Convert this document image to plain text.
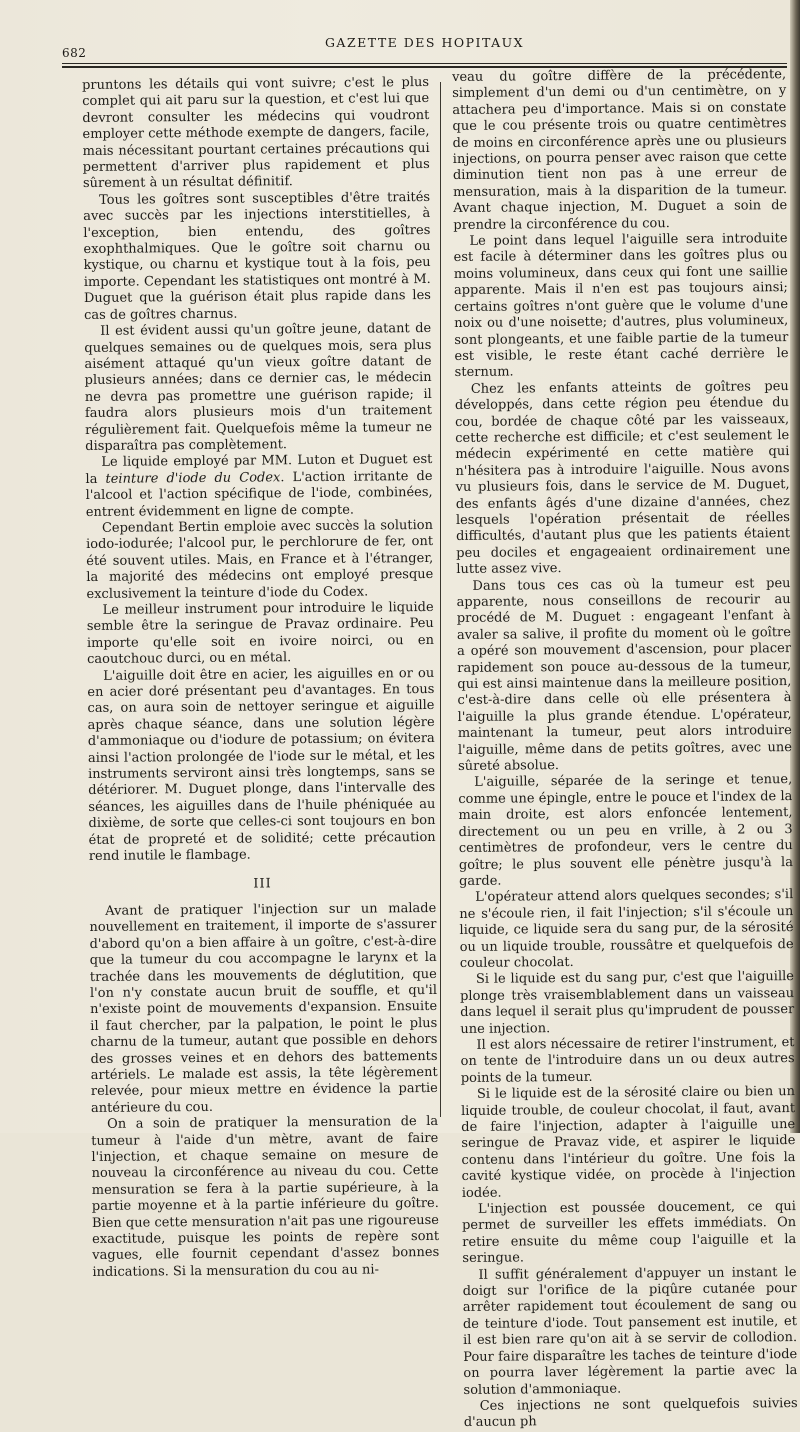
682
GAZETTE DES HOPITAUX

pruntons les détails qui vont suivre; c'est le plus complet qui ait paru sur la question, et c'est lui que devront consulter les médecins qui voudront employer cette méthode exempte de dangers, facile, mais nécessitant pourtant certaines précautions qui permettent d'arriver plus rapidement et plus sûrement à un résultat définitif.

Tous les goîtres sont susceptibles d'être traités avec succès par les injections interstitielles, à l'exception, bien entendu, des goîtres exophthalmiques. Que le goître soit charnu ou kystique, ou charnu et kystique tout à la fois, peu importe. Cependant les statistiques ont montré à M. Duguet que la guérison était plus rapide dans les cas de goîtres charnus.

Il est évident aussi qu'un goître jeune, datant de quelques semaines ou de quelques mois, sera plus aisément attaqué qu'un vieux goître datant de plusieurs années; dans ce dernier cas, le médecin ne devra pas promettre une guérison rapide; il faudra alors plusieurs mois d'un traitement régulièrement fait. Quelquefois même la tumeur ne disparaîtra pas complètement.

Le liquide employé par MM. Luton et Duguet est la teinture d'iode du Codex. L'action irritante de l'alcool et l'action spécifique de l'iode, combinées, entrent évidemment en ligne de compte.

Cependant Bertin emploie avec succès la solution iodo-iodurée; l'alcool pur, le perchlorure de fer, ont été souvent utiles. Mais, en France et à l'étranger, la majorité des médecins ont employé presque exclusivement la teinture d'iode du Codex.

Le meilleur instrument pour introduire le liquide semble être la seringue de Pravaz ordinaire. Peu importe qu'elle soit en ivoire noirci, ou en caoutchouc durci, ou en métal.

L'aiguille doit être en acier, les aiguilles en or ou en acier doré présentant peu d'avantages. En tous cas, on aura soin de nettoyer seringue et aiguille après chaque séance, dans une solution légère d'ammoniaque ou d'iodure de potassium; on évitera ainsi l'action prolongée de l'iode sur le métal, et les instruments serviront ainsi très longtemps, sans se détériorer. M. Duguet plonge, dans l'intervalle des séances, les aiguilles dans de l'huile phéniquée au dixième, de sorte que celles-ci sont toujours en bon état de propreté et de solidité; cette précaution rend inutile le flambage.

III

Avant de pratiquer l'injection sur un malade nouvellement en traitement, il importe de s'assurer d'abord qu'on a bien affaire à un goître, c'est-à-dire que la tumeur du cou accompagne le larynx et la trachée dans les mouvements de déglutition, que l'on n'y constate aucun bruit de souffle, et qu'il n'existe point de mouvements d'expansion. Ensuite il faut chercher, par la palpation, le point le plus charnu de la tumeur, autant que possible en dehors des grosses veines et en dehors des battements artériels. Le malade est assis, la tête légèrement relevée, pour mieux mettre en évidence la partie antérieure du cou.

On a soin de pratiquer la mensuration de la tumeur à l'aide d'un mètre, avant de faire l'injection, et chaque semaine on mesure de nouveau la circonférence au niveau du cou. Cette mensuration se fera à la partie supérieure, à la partie moyenne et à la partie inférieure du goître. Bien que cette mensuration n'ait pas une rigoureuse exactitude, puisque les points de repère sont vagues, elle fournit cependant d'assez bonnes indications. Si la mensuration du cou au ni-

veau du goître diffère de la précédente, simplement d'un demi ou d'un centimètre, on y attachera peu d'importance. Mais si on constate que le cou présente trois ou quatre centimètres de moins en circonférence après une ou plusieurs injections, on pourra penser avec raison que cette diminution tient non pas à une erreur de mensuration, mais à la disparition de la tumeur. Avant chaque injection, M. Duguet a soin de prendre la circonférence du cou.

Le point dans lequel l'aiguille sera introduite est facile à déterminer dans les goîtres plus ou moins volumineux, dans ceux qui font une saillie apparente. Mais il n'en est pas toujours ainsi; certains goîtres n'ont guère que le volume d'une noix ou d'une noisette; d'autres, plus volumineux, sont plongeants, et une faible partie de la tumeur est visible, le reste étant caché derrière le sternum.

Chez les enfants atteints de goîtres peu développés, dans cette région peu étendue du cou, bordée de chaque côté par les vaisseaux, cette recherche est difficile; et c'est seulement le médecin expérimenté en cette matière qui n'hésitera pas à introduire l'aiguille. Nous avons vu plusieurs fois, dans le service de M. Duguet, des enfants âgés d'une dizaine d'années, chez lesquels l'opération présentait de réelles difficultés, d'autant plus que les patients étaient peu dociles et engageaient ordinairement une lutte assez vive.

Dans tous ces cas où la tumeur est peu apparente, nous conseillons de recourir au procédé de M. Duguet : engageant l'enfant à avaler sa salive, il profite du moment où le goître a opéré son mouvement d'ascension, pour placer rapidement son pouce au-dessous de la tumeur, qui est ainsi maintenue dans la meilleure position, c'est-à-dire dans celle où elle présentera à l'aiguille la plus grande étendue. L'opérateur, maintenant la tumeur, peut alors introduire l'aiguille, même dans de petits goîtres, avec une sûreté absolue.

L'aiguille, séparée de la seringe et tenue, comme une épingle, entre le pouce et l'index de la main droite, est alors enfoncée lentement, directement ou un peu en vrille, à 2 ou 3 centimètres de profondeur, vers le centre du goître; le plus souvent elle pénètre jusqu'à la garde.

L'opérateur attend alors quelques secondes; s'il ne s'écoule rien, il fait l'injection; s'il s'écoule un liquide, ce liquide sera du sang pur, de la sérosité ou un liquide trouble, roussâtre et quelquefois de couleur chocolat.

Si le liquide est du sang pur, c'est que l'aiguille plonge très vraisemblablement dans un vaisseau dans lequel il serait plus qu'imprudent de pousser une injection.

Il est alors nécessaire de retirer l'instrument, et on tente de l'introduire dans un ou deux autres points de la tumeur.

Si le liquide est de la sérosité claire ou bien un liquide trouble, de couleur chocolat, il faut, avant de faire l'injection, adapter à l'aiguille une seringue de Pravaz vide, et aspirer le liquide contenu dans l'intérieur du goître. Une fois la cavité kystique vidée, on procède à l'injection iodée.

L'injection est poussée doucement, ce qui permet de surveiller les effets immédiats. On retire ensuite du même coup l'aiguille et la seringue.

Il suffit généralement d'appuyer un instant le doigt sur l'orifice de la piqûre cutanée pour arrêter rapidement tout écoulement de sang ou de teinture d'iode. Tout pansement est inutile, et il est bien rare qu'on ait à se servir de collodion. Pour faire disparaître les taches de teinture d'iode on pourra laver légèrement la partie avec la solution d'ammoniaque.

Ces injections ne sont quelquefois suivies d'aucun ph
